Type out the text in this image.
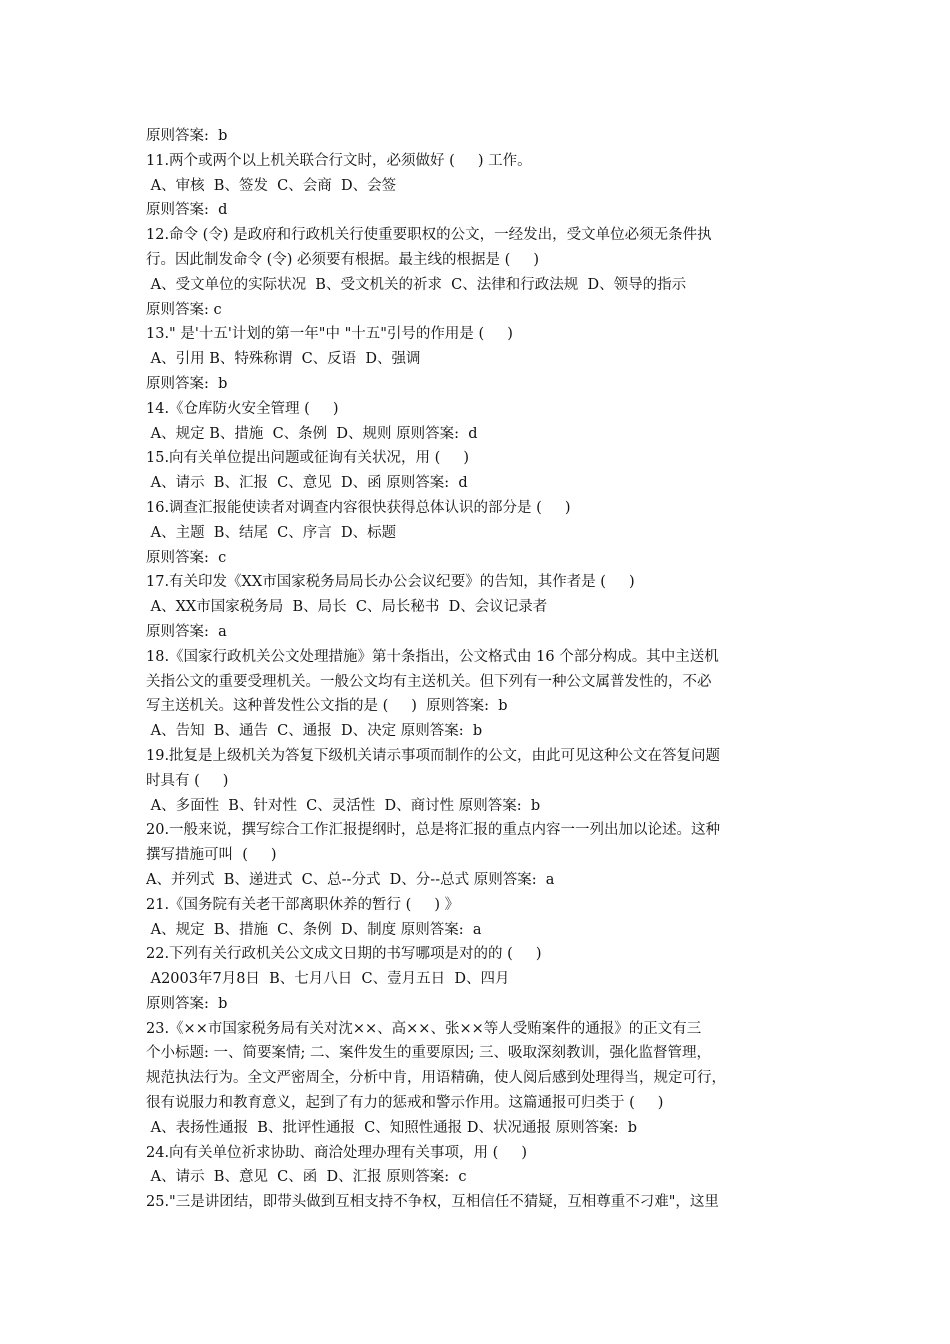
原则答案:  b
11.两个或两个以上机关联合行文时，必须做好 (     ) 工作。
A、审核  B、签发  C、会商  D、会签
原则答案:  d
12.命令 (令) 是政府和行政机关行使重要职权的公文，一经发出，受文单位必须无条件执
行。因此制发命令 (令) 必须要有根据。最主线的根据是 (     )
A、受文单位的实际状况  B、受文机关的祈求  C、法律和行政法规  D、领导的指示
原则答案: c
13." 是'十五'计划的第一年"中 "十五"引号的作用是 (     )
A、引用 B、特殊称谓  C、反语  D、强调
原则答案:  b
14.《仓库防火安全管理 (     )
A、规定 B、措施  C、条例  D、规则 原则答案:  d
15.向有关单位提出问题或征询有关状况，用 (     )
A、请示  B、汇报  C、意见  D、函 原则答案:  d
16.调查汇报能使读者对调查内容很快获得总体认识的部分是 (     )
A、主题  B、结尾  C、序言  D、标题
原则答案:  c
17.有关印发《XX市国家税务局局长办公会议纪要》的告知，其作者是 (     )
A、XX市国家税务局  B、局长  C、局长秘书  D、会议记录者
原则答案:  a
18.《国家行政机关公文处理措施》第十条指出，公文格式由 16 个部分构成。其中主送机
关指公文的重要受理机关。一般公文均有主送机关。但下列有一种公文属普发性的，不必
写主送机关。这种普发性公文指的是 (     )  原则答案:  b
A、告知  B、通告  C、通报  D、决定 原则答案:  b
19.批复是上级机关为答复下级机关请示事项而制作的公文，由此可见这种公文在答复问题
时具有 (     )
A、多面性  B、针对性  C、灵活性  D、商讨性 原则答案:  b
20.一般来说，撰写综合工作汇报提纲时，总是将汇报的重点内容一一列出加以论述。这种
撰写措施可叫  (     )
A、并列式  B、递进式  C、总--分式  D、分--总式 原则答案:  a
21.《国务院有关老干部离职休养的暂行 (     ) 》
A、规定  B、措施  C、条例  D、制度 原则答案:  a
22.下列有关行政机关公文成文日期的书写哪项是对的的 (     )
A2003年7月8日  B、七月八日  C、壹月五日  D、四月
原则答案:  b
23.《××市国家税务局有关对沈××、高××、张××等人受贿案件的通报》的正文有三
个小标题: 一、简要案情; 二、案件发生的重要原因; 三、吸取深刻教训，强化监督管理，
规范执法行为。全文严密周全，分析中肯，用语精确，使人阅后感到处理得当，规定可行，
很有说服力和教育意义，起到了有力的惩戒和警示作用。这篇通报可归类于 (     )
A、表扬性通报  B、批评性通报  C、知照性通报 D、状况通报 原则答案:  b
24.向有关单位祈求协助、商洽处理办理有关事项，用 (     )
A、请示  B、意见  C、函  D、汇报 原则答案:  c
25."三是讲团结，即带头做到互相支持不争权，互相信任不猜疑，互相尊重不刁难"，这里
